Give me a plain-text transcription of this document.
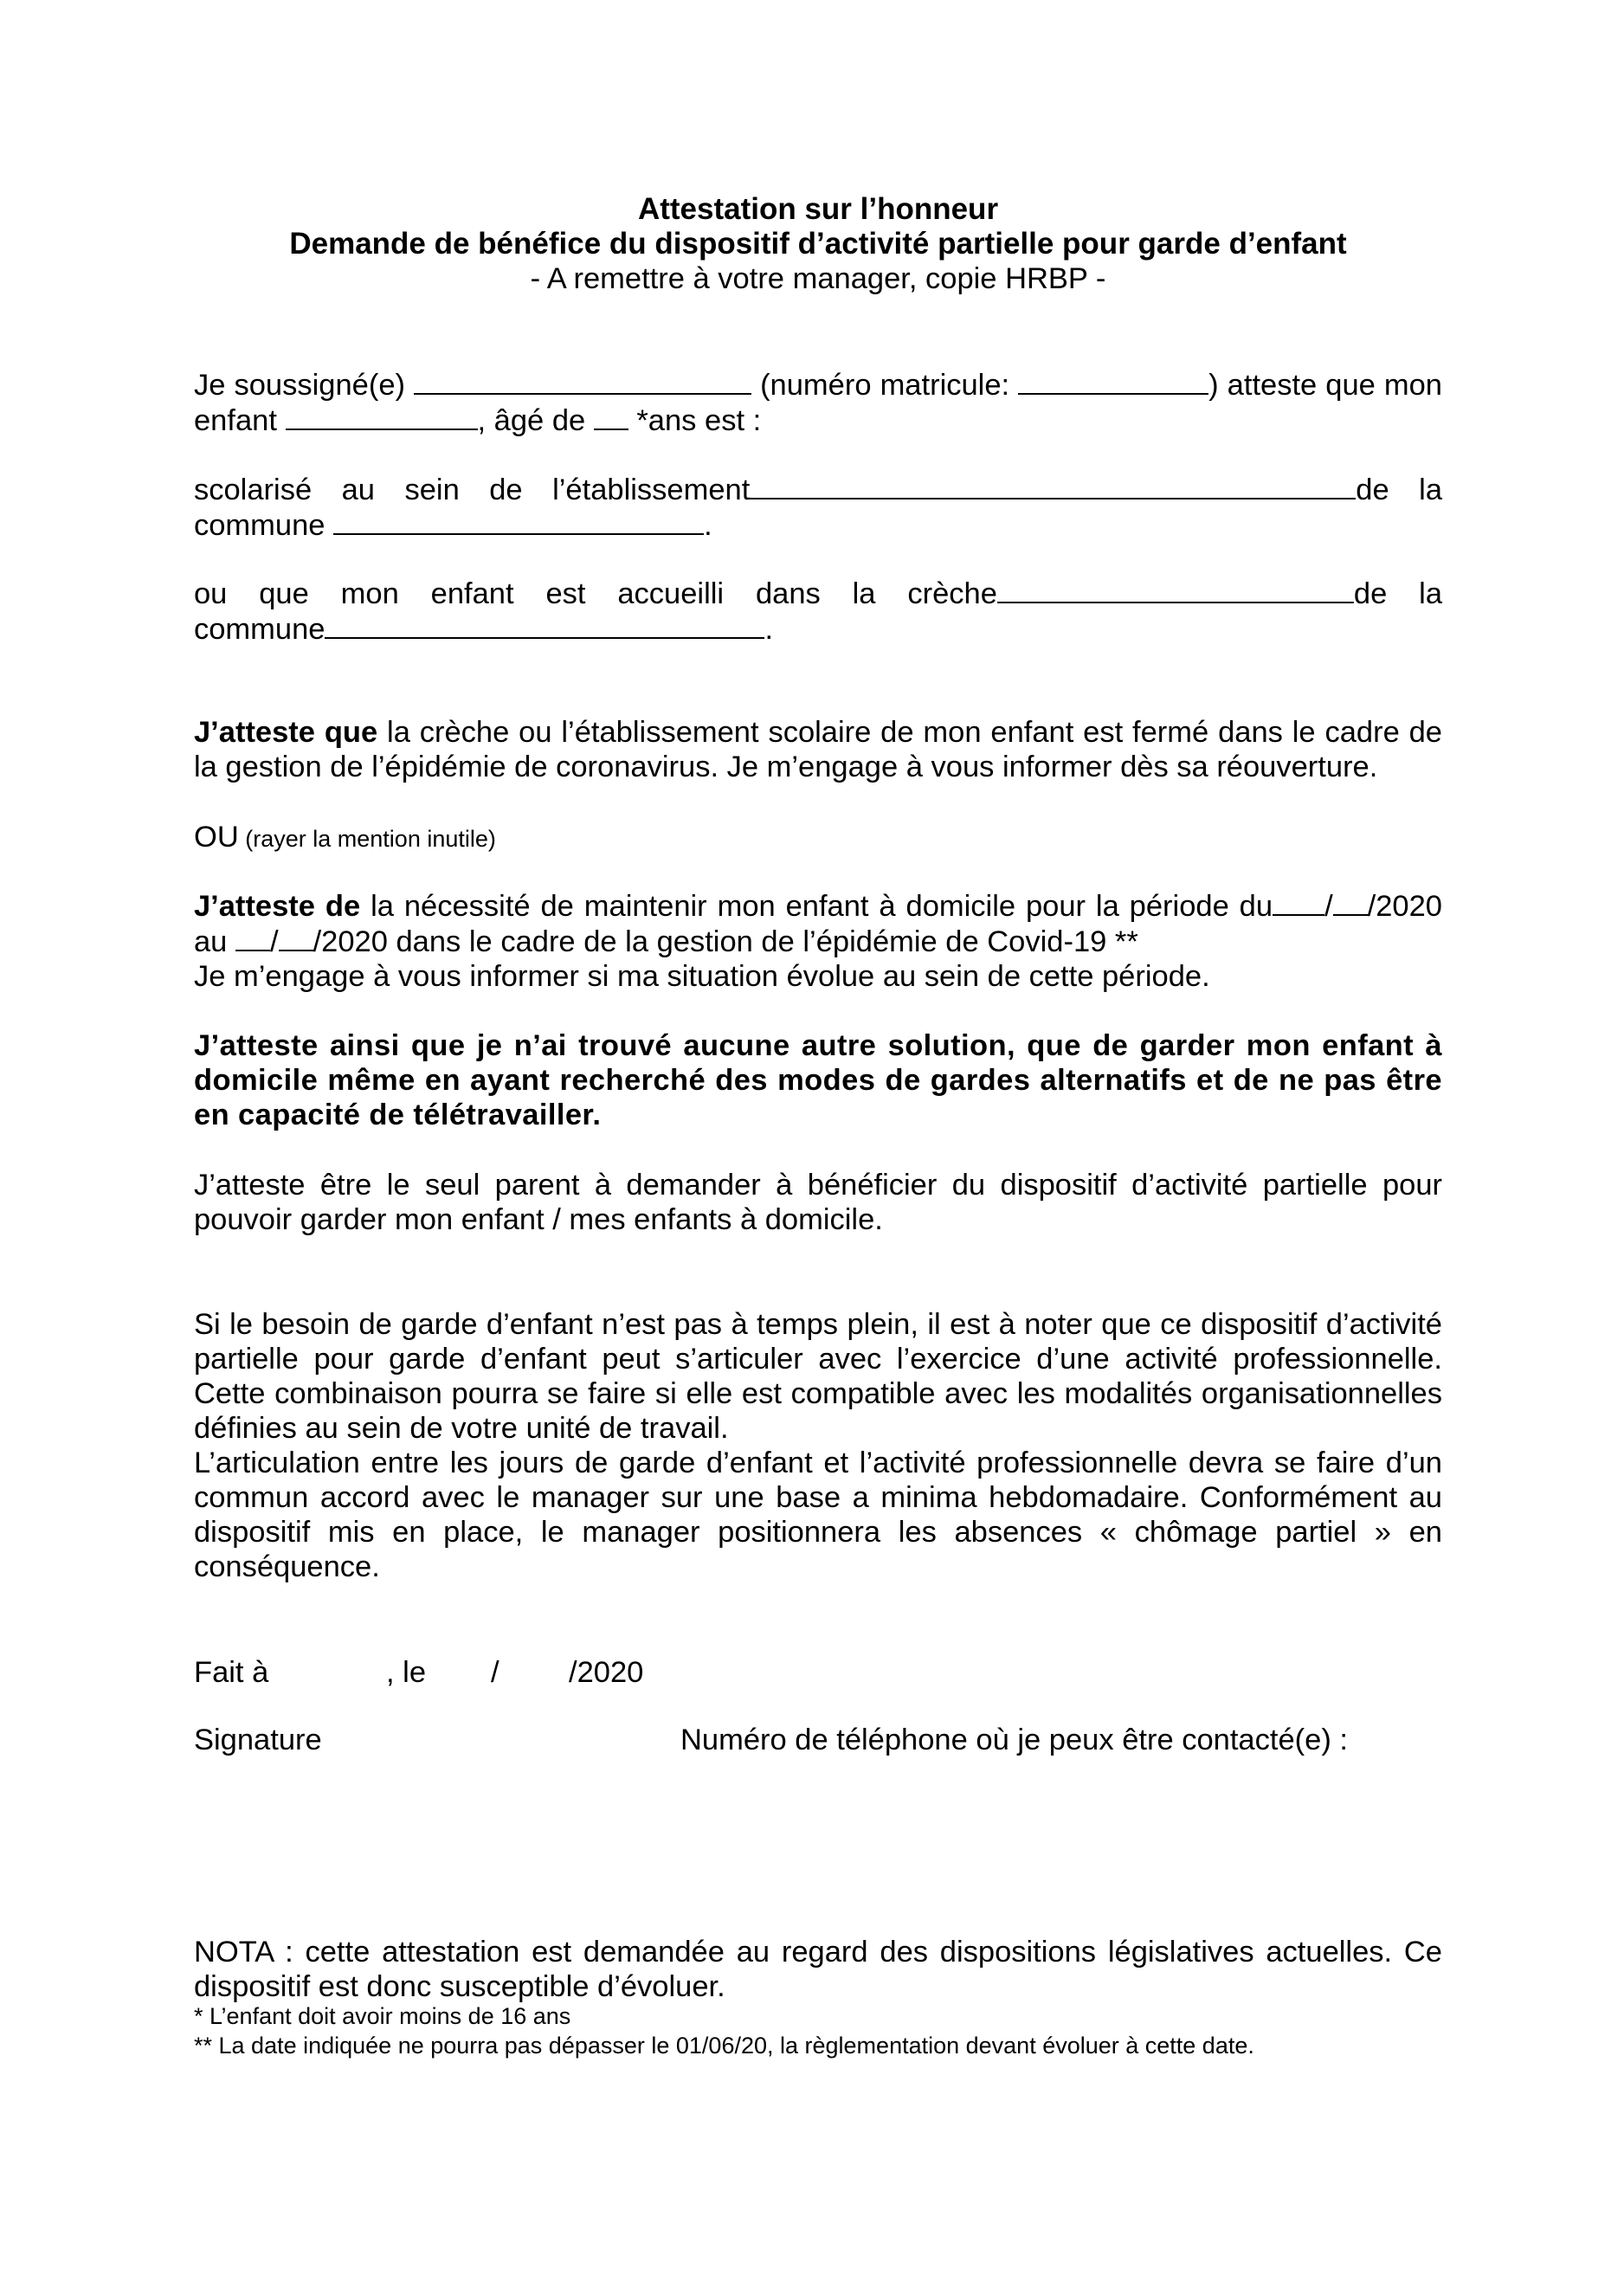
Attestation sur l’honneur
Demande de bénéfice du dispositif d’activité partielle pour garde d’enfant
- A remettre à votre manager, copie HRBP -
Je soussigné(e)	(numéro matricule:	) atteste que mon
enfant	, âgé de  *ans est :
scolarisé au sein de l’établissement	de la
commune	.
ou que mon enfant est accueilli dans la crèche	de la
commune	.
J’atteste que la crèche ou l’établissement scolaire de mon enfant est fermé dans le cadre de la gestion de l’épidémie de coronavirus. Je m’engage à vous informer dès sa réouverture.
OU (rayer la mention inutile)
J’atteste de la nécessité de maintenir mon enfant à domicile pour la période du / /2020
au / /2020 dans le cadre de la gestion de l’épidémie de Covid-19 **
Je m’engage à vous informer si ma situation évolue au sein de cette période.
J’atteste ainsi que je n’ai trouvé aucune autre solution, que de garder mon enfant à domicile même en ayant recherché des modes de gardes alternatifs et de ne pas être en capacité de télétravailler.
J’atteste être le seul parent à demander à bénéficier du dispositif d’activité partielle pour pouvoir garder mon enfant / mes enfants à domicile.
Si le besoin de garde d’enfant n’est pas à temps plein, il est à noter que ce dispositif d’activité partielle pour garde d’enfant peut s’articuler avec l’exercice d’une activité professionnelle. Cette combinaison pourra se faire si elle est compatible avec les modalités organisationnelles définies au sein de votre unité de travail.
L’articulation entre les jours de garde d’enfant et l’activité professionnelle devra se faire d’un commun accord avec le manager sur une base a minima hebdomadaire. Conformément au dispositif mis en place, le manager positionnera les absences « chômage partiel » en conséquence.
Fait à	, le / /2020
Signature	Numéro de téléphone où je peux être contacté(e) :
NOTA : cette attestation est demandée au regard des dispositions législatives actuelles. Ce dispositif est donc susceptible d’évoluer.
* L’enfant doit avoir moins de 16 ans
** La date indiquée ne pourra pas dépasser le 01/06/20, la règlementation devant évoluer à cette date.
